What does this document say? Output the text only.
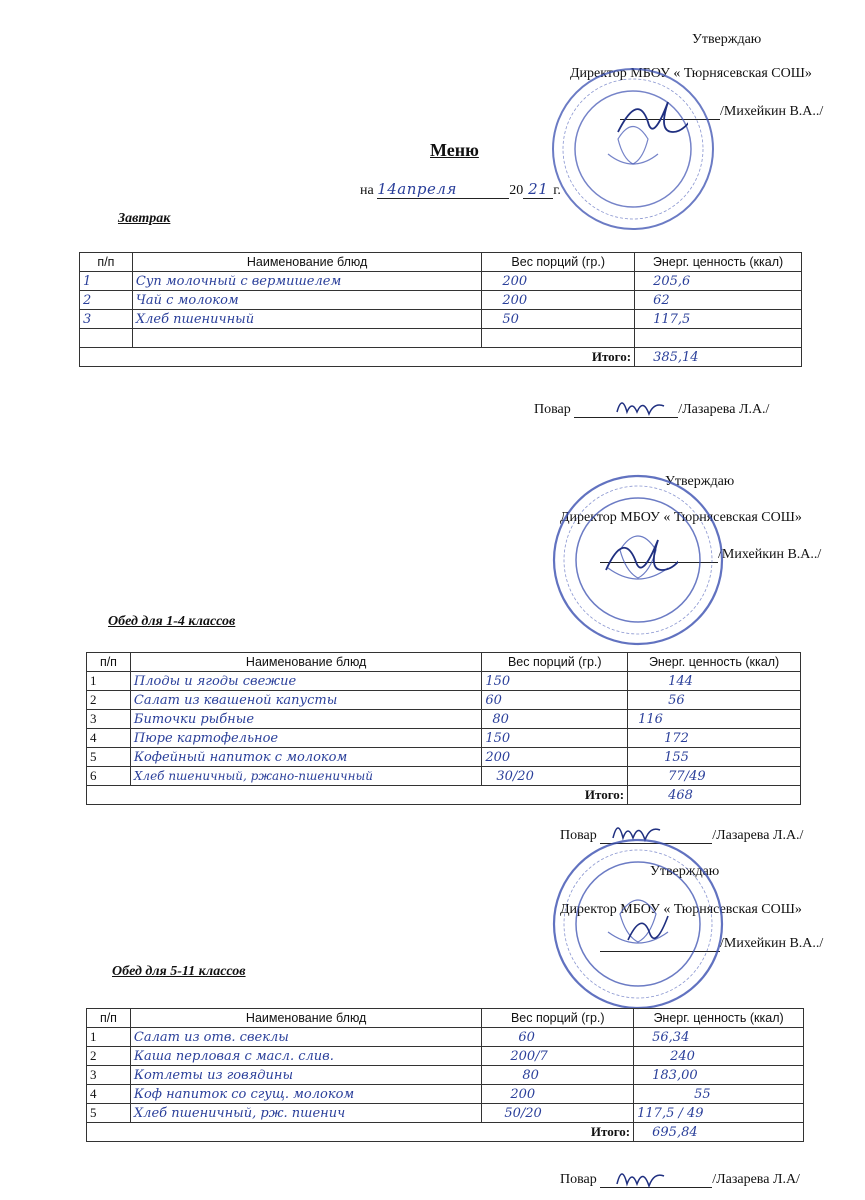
Утверждаю
Директор МБОУ « Тюрнясевская СОШ»
/Михейкин В.А../
Меню
на 14апреля	20 21 г.
Завтрак
п/п	Наименование блюд	Вес порций (гр.)	Энерг. ценность (ккал)
1	Суп молочный с вермишелем	200	205,6
2	Чай с молоком	200	62
3	Хлеб пшеничный	50	117,5

Итого:			385,14
Повар	/Лазарева Л.А./
Утверждаю
Директор МБОУ « Тюрнясевская СОШ»
/Михейкин В.А../
Обед для 1-4 классов
п/п	Наименование блюд	Вес порций (гр.)	Энерг. ценность (ккал)
1	Плоды и ягоды свежие	150	144
2	Салат из квашеной капусты	60	56
3	Биточки рыбные	80	116
4	Пюре картофельное	150	172
5	Кофейный напиток с молоком	200	155
6	Хлеб пшеничный, ржано-пшеничный	30/20	77/49
Итого:			468
Повар	/Лазарева Л.А./
Утверждаю
Директор МБОУ « Тюрнясевская СОШ»
/Михейкин В.А../
Обед для 5-11 классов
п/п	Наименование блюд	Вес порций (гр.)	Энерг. ценность (ккал)
1	Салат из отв. свеклы	60	56,34
2	Каша перловая с масл. слив.	200/7	240
3	Котлеты из говядины	80	183,00
4	Коф напиток со сгущ. молоком	200	55
5	Хлеб пшеничный, рж. пшенич	50/20	117,5 / 49
Итого:			695,84
Повар	/Лазарева Л.А/
